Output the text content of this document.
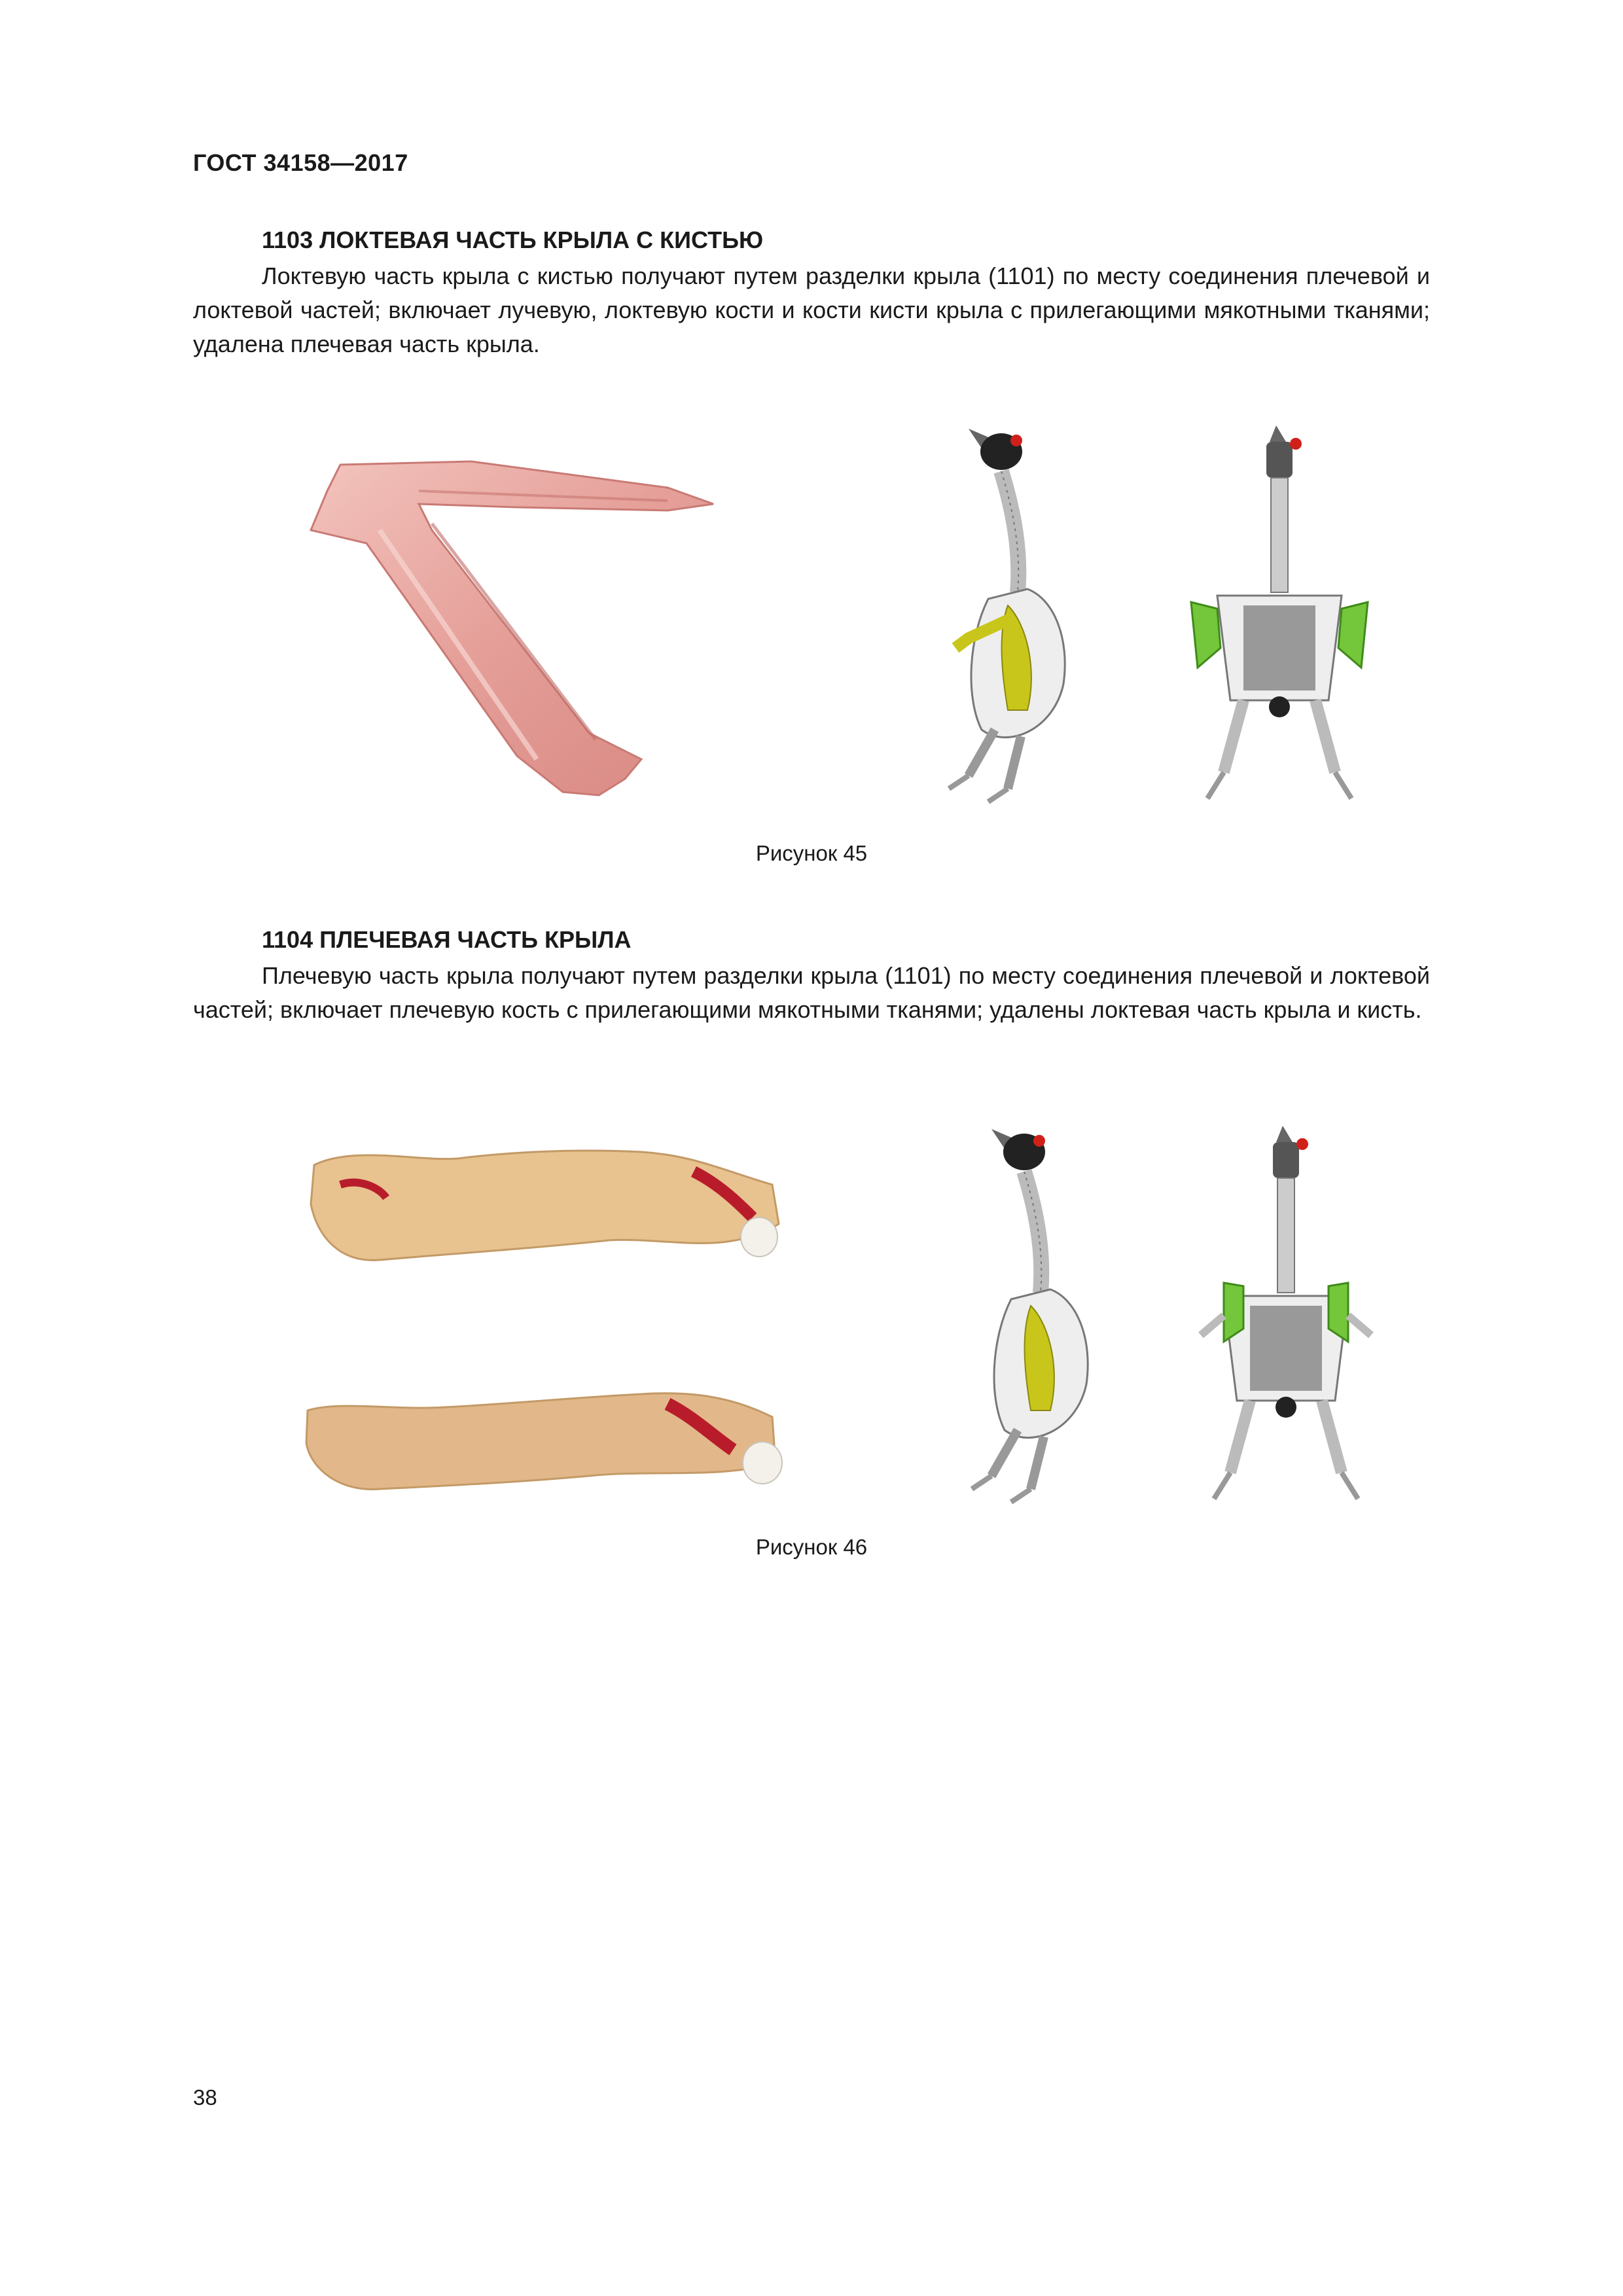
ГОСТ 34158—2017
1103 ЛОКТЕВАЯ ЧАСТЬ КРЫЛА С КИСТЬЮ
Локтевую часть крыла с кистью получают путем разделки крыла (1101) по месту соединения плечевой и локтевой частей; включает лучевую, локтевую кости и кости кисти крыла с прилегающими мякотными тканями; удалена плечевая часть крыла.
Рисунок 45
1104 ПЛЕЧЕВАЯ ЧАСТЬ КРЫЛА
Плечевую часть крыла получают путем разделки крыла (1101) по месту соединения плечевой и локтевой частей; включает плечевую кость с прилегающими мякотными тканями; удалены локтевая часть крыла и кисть.
Рисунок 46
38
